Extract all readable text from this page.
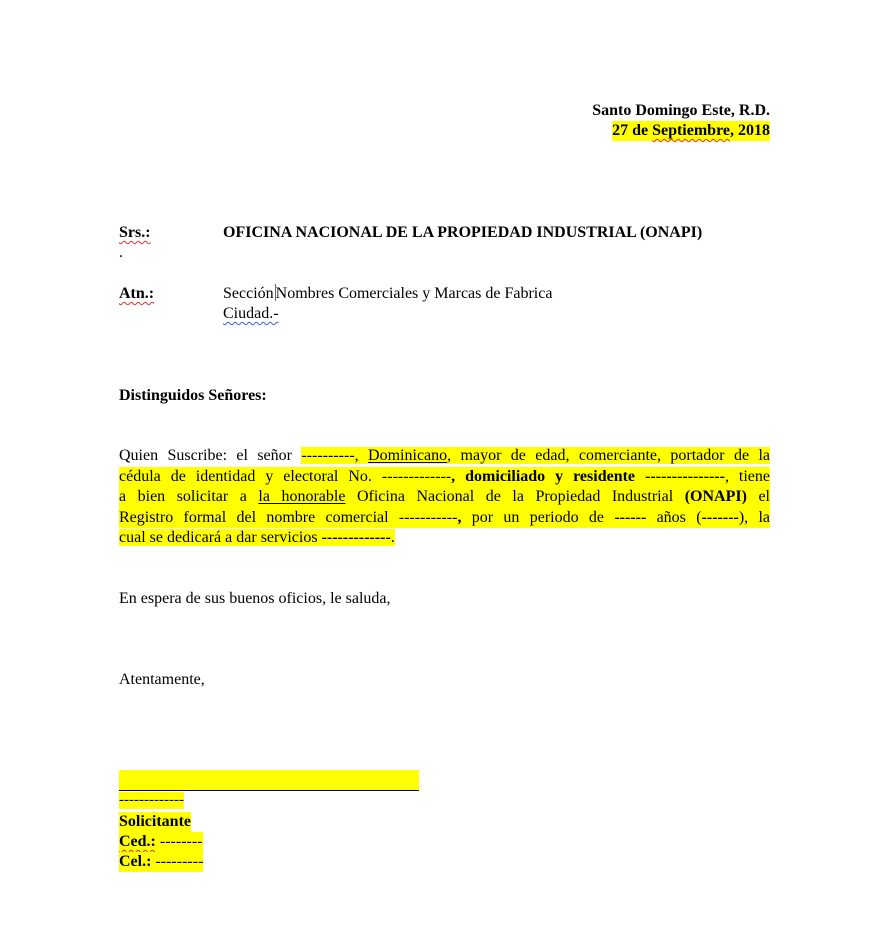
Santo Domingo Este, R.D.
27 de Septiembre, 2018
Srs.:	OFICINA NACIONAL DE LA PROPIEDAD INDUSTRIAL (ONAPI)
.
Atn.:	Sección Nombres Comerciales y Marcas de Fabrica
Ciudad.-
Distinguidos Señores:
Quien Suscribe: el señor ----------, Dominicano, mayor de edad, comerciante, portador de la
cédula de identidad y electoral No. -------------, domiciliado y residente ---------------, tiene
a bien solicitar a la honorable Oficina Nacional de la Propiedad Industrial (ONAPI) el
Registro formal del nombre comercial -----------, por un periodo de ------ años (-------), la
cual se dedicará a dar servicios -------------.
En espera de sus buenos oficios, le saluda,
Atentamente,
-------------
Solicitante
Ced.: --------
Cel.: ---------
